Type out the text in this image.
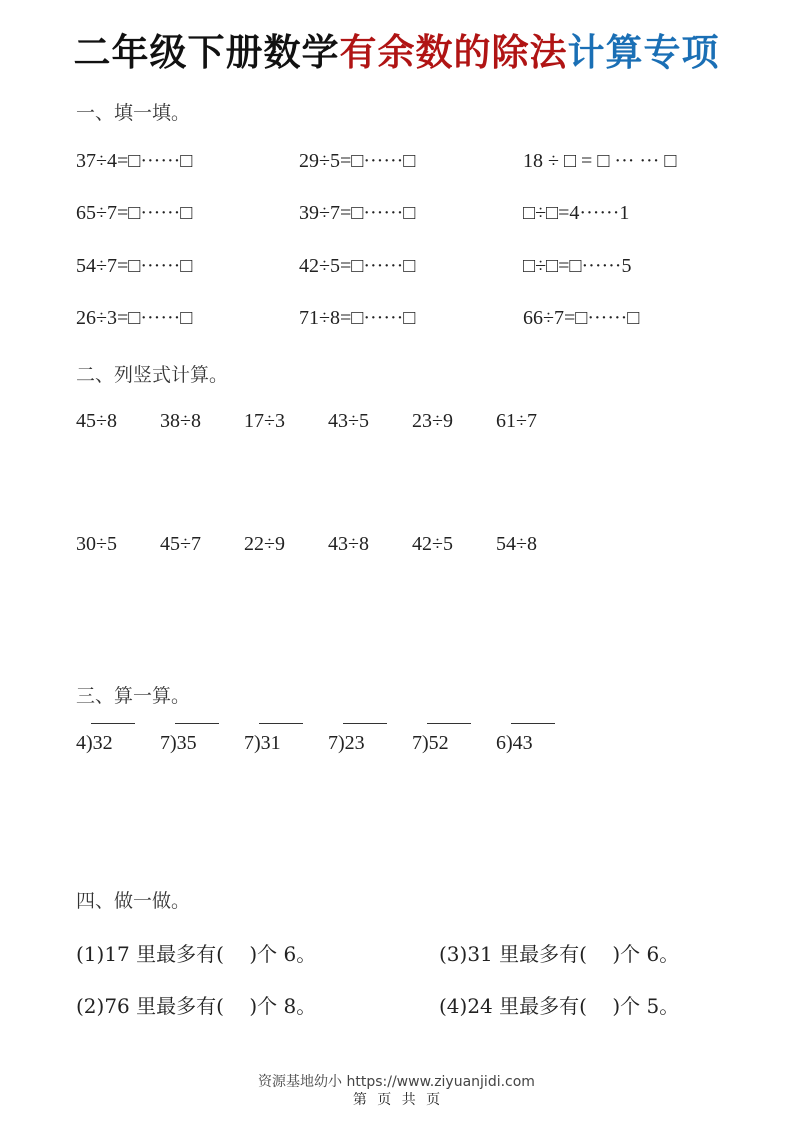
二年级下册数学有余数的除法计算专项
一、填一填。
37÷4=□······□	29÷5=□······□	18 ÷ □ = □ ··· ··· □
65÷7=□······□	39÷7=□······□	□÷□=4······1
54÷7=□······□	42÷5=□······□	□÷□=□······5
26÷3=□······□	71÷8=□······□	66÷7=□······□
二、列竖式计算。
45÷8 38÷8 17÷3 43÷5 23÷9 61÷7
30÷5 45÷7 22÷9 43÷8 42÷5 54÷8
三、算一算。
4)32 7)35 7)31 7)23 7)52 6)43
四、做一做。
(1)17 里最多有(    )个 6。	(3)31 里最多有(    )个 6。
(2)76 里最多有(    )个 8。	(4)24 里最多有(    )个 5。
资源基地幼小 https://www.ziyuanjidi.com
第 页 共 页
